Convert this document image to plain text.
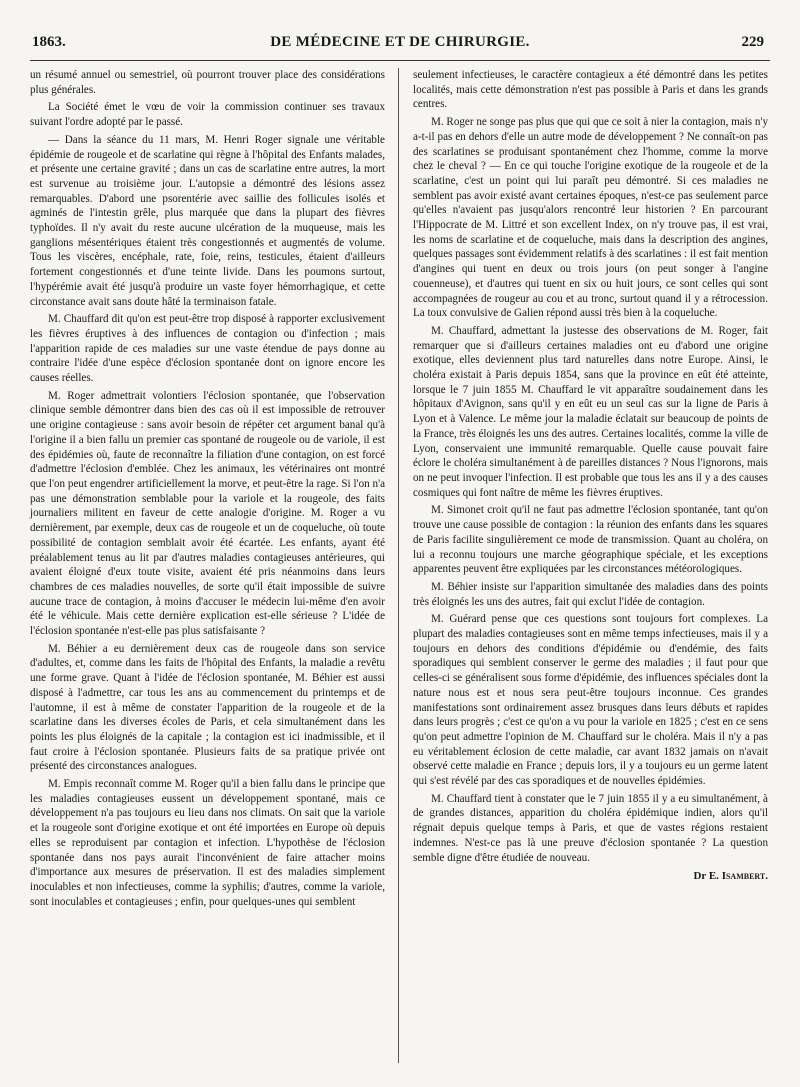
1863.	DE MÉDECINE ET DE CHIRURGIE.	229

un résumé annuel ou semestriel, où pourront trouver place des considérations plus générales.

La Société émet le vœu de voir la commission continuer ses travaux suivant l'ordre adopté par le passé.

— Dans la séance du 11 mars, M. Henri Roger signale une véritable épidémie de rougeole et de scarlatine qui règne à l'hôpital des Enfants malades, et présente une certaine gravité ; dans un cas de scarlatine entre autres, la mort est survenue au troisième jour. L'autopsie a démontré des lésions assez remarquables. D'abord une psorentérie avec saillie des follicules isolés et agminés de l'intestin grêle, plus marquée que dans la plupart des fièvres typhoïdes. Il n'y avait du reste aucune ulcération de la muqueuse, mais les ganglions mésentériques étaient très congestionnés et augmentés de volume. Tous les viscères, encéphale, rate, foie, reins, testicules, étaient d'ailleurs fortement congestionnés et d'une teinte livide. Dans les poumons surtout, l'hypérémie avait été jusqu'à produire un vaste foyer hémorrhagique, et cette circonstance avait sans doute hâté la terminaison fatale.

M. Chauffard dit qu'on est peut-être trop disposé à rapporter exclusivement les fièvres éruptives à des influences de contagion ou d'infection ; mais l'apparition rapide de ces maladies sur une vaste étendue de pays donne au contraire l'idée d'une espèce d'éclosion spontanée dont on ignore encore les causes réelles.

M. Roger admettrait volontiers l'éclosion spontanée, que l'observation clinique semble démontrer dans bien des cas où il est impossible de retrouver une origine contagieuse : sans avoir besoin de répéter cet argument banal qu'à l'origine il a bien fallu un premier cas spontané de rougeole ou de variole, il est des épidémies où, faute de reconnaître la filiation d'une contagion, on est forcé d'admettre l'éclosion d'emblée. Chez les animaux, les vétérinaires ont montré que l'on peut engendrer artificiellement la morve, et peut-être la rage. Si l'on n'a pas une démonstration semblable pour la variole et la rougeole, des faits journaliers militent en faveur de cette analogie d'origine. M. Roger a vu dernièrement, par exemple, deux cas de rougeole et un de coqueluche, où toute possibilité de contagion semblait avoir été écartée. Les enfants, ayant été préalablement tenus au lit par d'autres maladies contagieuses antérieures, qui avaient éloigné d'eux toute visite, avaient été pris néanmoins dans leurs chambres de ces maladies nouvelles, de sorte qu'il était impossible de suivre aucune trace de contagion, à moins d'accuser le médecin lui-même d'en avoir été le véhicule. Mais cette dernière explication est-elle sérieuse ? L'idée de l'éclosion spontanée n'est-elle pas plus satisfaisante ?

M. Béhier a eu dernièrement deux cas de rougeole dans son service d'adultes, et, comme dans les faits de l'hôpital des Enfants, la maladie a revêtu une forme grave. Quant à l'idée de l'éclosion spontanée, M. Béhier est aussi disposé à l'admettre, car tous les ans au commencement du printemps et de l'automne, il est à même de constater l'apparition de la rougeole et de la scarlatine dans les diverses écoles de Paris, et cela simultanément dans les points les plus éloignés de la capitale ; la contagion est ici inadmissible, et il faut croire à l'éclosion spontanée. Plusieurs faits de sa pratique privée ont présenté des circonstances analogues.

M. Empis reconnaît comme M. Roger qu'il a bien fallu dans le principe que les maladies contagieuses eussent un développement spontané, mais ce développement n'a pas toujours eu lieu dans nos climats. On sait que la variole et la rougeole sont d'origine exotique et ont été importées en Europe où depuis elles se reproduisent par contagion et infection. L'hypothèse de l'éclosion spontanée dans nos pays aurait l'inconvénient de faire attacher moins d'importance aux mesures de préservation. Il est des maladies simplement inoculables et non infectieuses, comme la syphilis; d'autres, comme la variole, sont inoculables et contagieuses ; enfin, pour quelques-unes qui semblent

seulement infectieuses, le caractère contagieux a été démontré dans les petites localités, mais cette démonstration n'est pas possible à Paris et dans les grands centres.

M. Roger ne songe pas plus que qui que ce soit à nier la contagion, mais n'y a-t-il pas en dehors d'elle un autre mode de développement ? Ne connaît-on pas des scarlatines se produisant spontanément chez l'homme, comme la morve chez le cheval ? — En ce qui touche l'origine exotique de la rougeole et de la scarlatine, c'est un point qui lui paraît peu démontré. Si ces maladies ne semblent pas avoir existé avant certaines époques, n'est-ce pas seulement parce qu'elles n'avaient pas jusqu'alors rencontré leur historien ? En parcourant l'Hippocrate de M. Littré et son excellent Index, on n'y trouve pas, il est vrai, les noms de scarlatine et de coqueluche, mais dans la description des angines, quelques passages sont évidemment relatifs à des scarlatines : il est fait mention d'angines qui tuent en deux ou trois jours (on peut songer à l'angine couenneuse), et d'autres qui tuent en six ou huit jours, ce sont celles qui sont accompagnées de rougeur au cou et au tronc, surtout quand il y a rétrocession. La toux convulsive de Galien répond aussi très bien à la coqueluche.

M. Chauffard, admettant la justesse des observations de M. Roger, fait remarquer que si d'ailleurs certaines maladies ont eu d'abord une origine exotique, elles deviennent plus tard naturelles dans notre Europe. Ainsi, le choléra existait à Paris depuis 1854, sans que la province en eût été atteinte, lorsque le 7 juin 1855 M. Chauffard le vit apparaître soudainement dans les hôpitaux d'Avignon, sans qu'il y en eût eu un seul cas sur la ligne de Paris à Lyon et à Valence. Le même jour la maladie éclatait sur beaucoup de points de la France, très éloignés les uns des autres. Certaines localités, comme la ville de Lyon, conservaient une immunité remarquable. Quelle cause pouvait faire éclore le choléra simultanément à de pareilles distances ? Nous l'ignorons, mais on ne peut invoquer l'infection. Il est probable que tous les ans il y a des causes cosmiques qui font naître de même les fièvres éruptives.

M. Simonet croit qu'il ne faut pas admettre l'éclosion spontanée, tant qu'on trouve une cause possible de contagion : la réunion des enfants dans les squares de Paris facilite singulièrement ce mode de transmission. Quant au choléra, on lui a reconnu toujours une marche géographique spéciale, et les exceptions apparentes peuvent être expliquées par les circonstances météorologiques.

M. Béhier insiste sur l'apparition simultanée des maladies dans des points très éloignés les uns des autres, fait qui exclut l'idée de contagion.

M. Guérard pense que ces questions sont toujours fort complexes. La plupart des maladies contagieuses sont en même temps infectieuses, mais il y a toujours en dehors des conditions d'épidémie ou d'endémie, des faits sporadiques qui semblent conserver le germe des maladies ; il faut pour que celles-ci se généralisent sous forme d'épidémie, des influences spéciales dont la nature nous est et nous sera peut-être toujours inconnue. Ces grandes manifestations sont ordinairement assez brusques dans leurs débuts et rapides dans leurs progrès ; c'est ce qu'on a vu pour la variole en 1825 ; c'est en ce sens qu'on peut admettre l'opinion de M. Chauffard sur le choléra. Mais il n'y a pas eu véritablement éclosion de cette maladie, car avant 1832 jamais on n'avait observé cette maladie en France ; depuis lors, il y a toujours eu un germe latent qui s'est révélé par des cas sporadiques et de nouvelles épidémies.

M. Chauffard tient à constater que le 7 juin 1855 il y a eu simultanément, à de grandes distances, apparition du choléra épidémique indien, alors qu'il régnait depuis quelque temps à Paris, et que de vastes régions restaient indemnes. N'est-ce pas là une preuve d'éclosion spontanée ? La question semble digne d'être étudiée de nouveau.

Dr E. Isambert.
